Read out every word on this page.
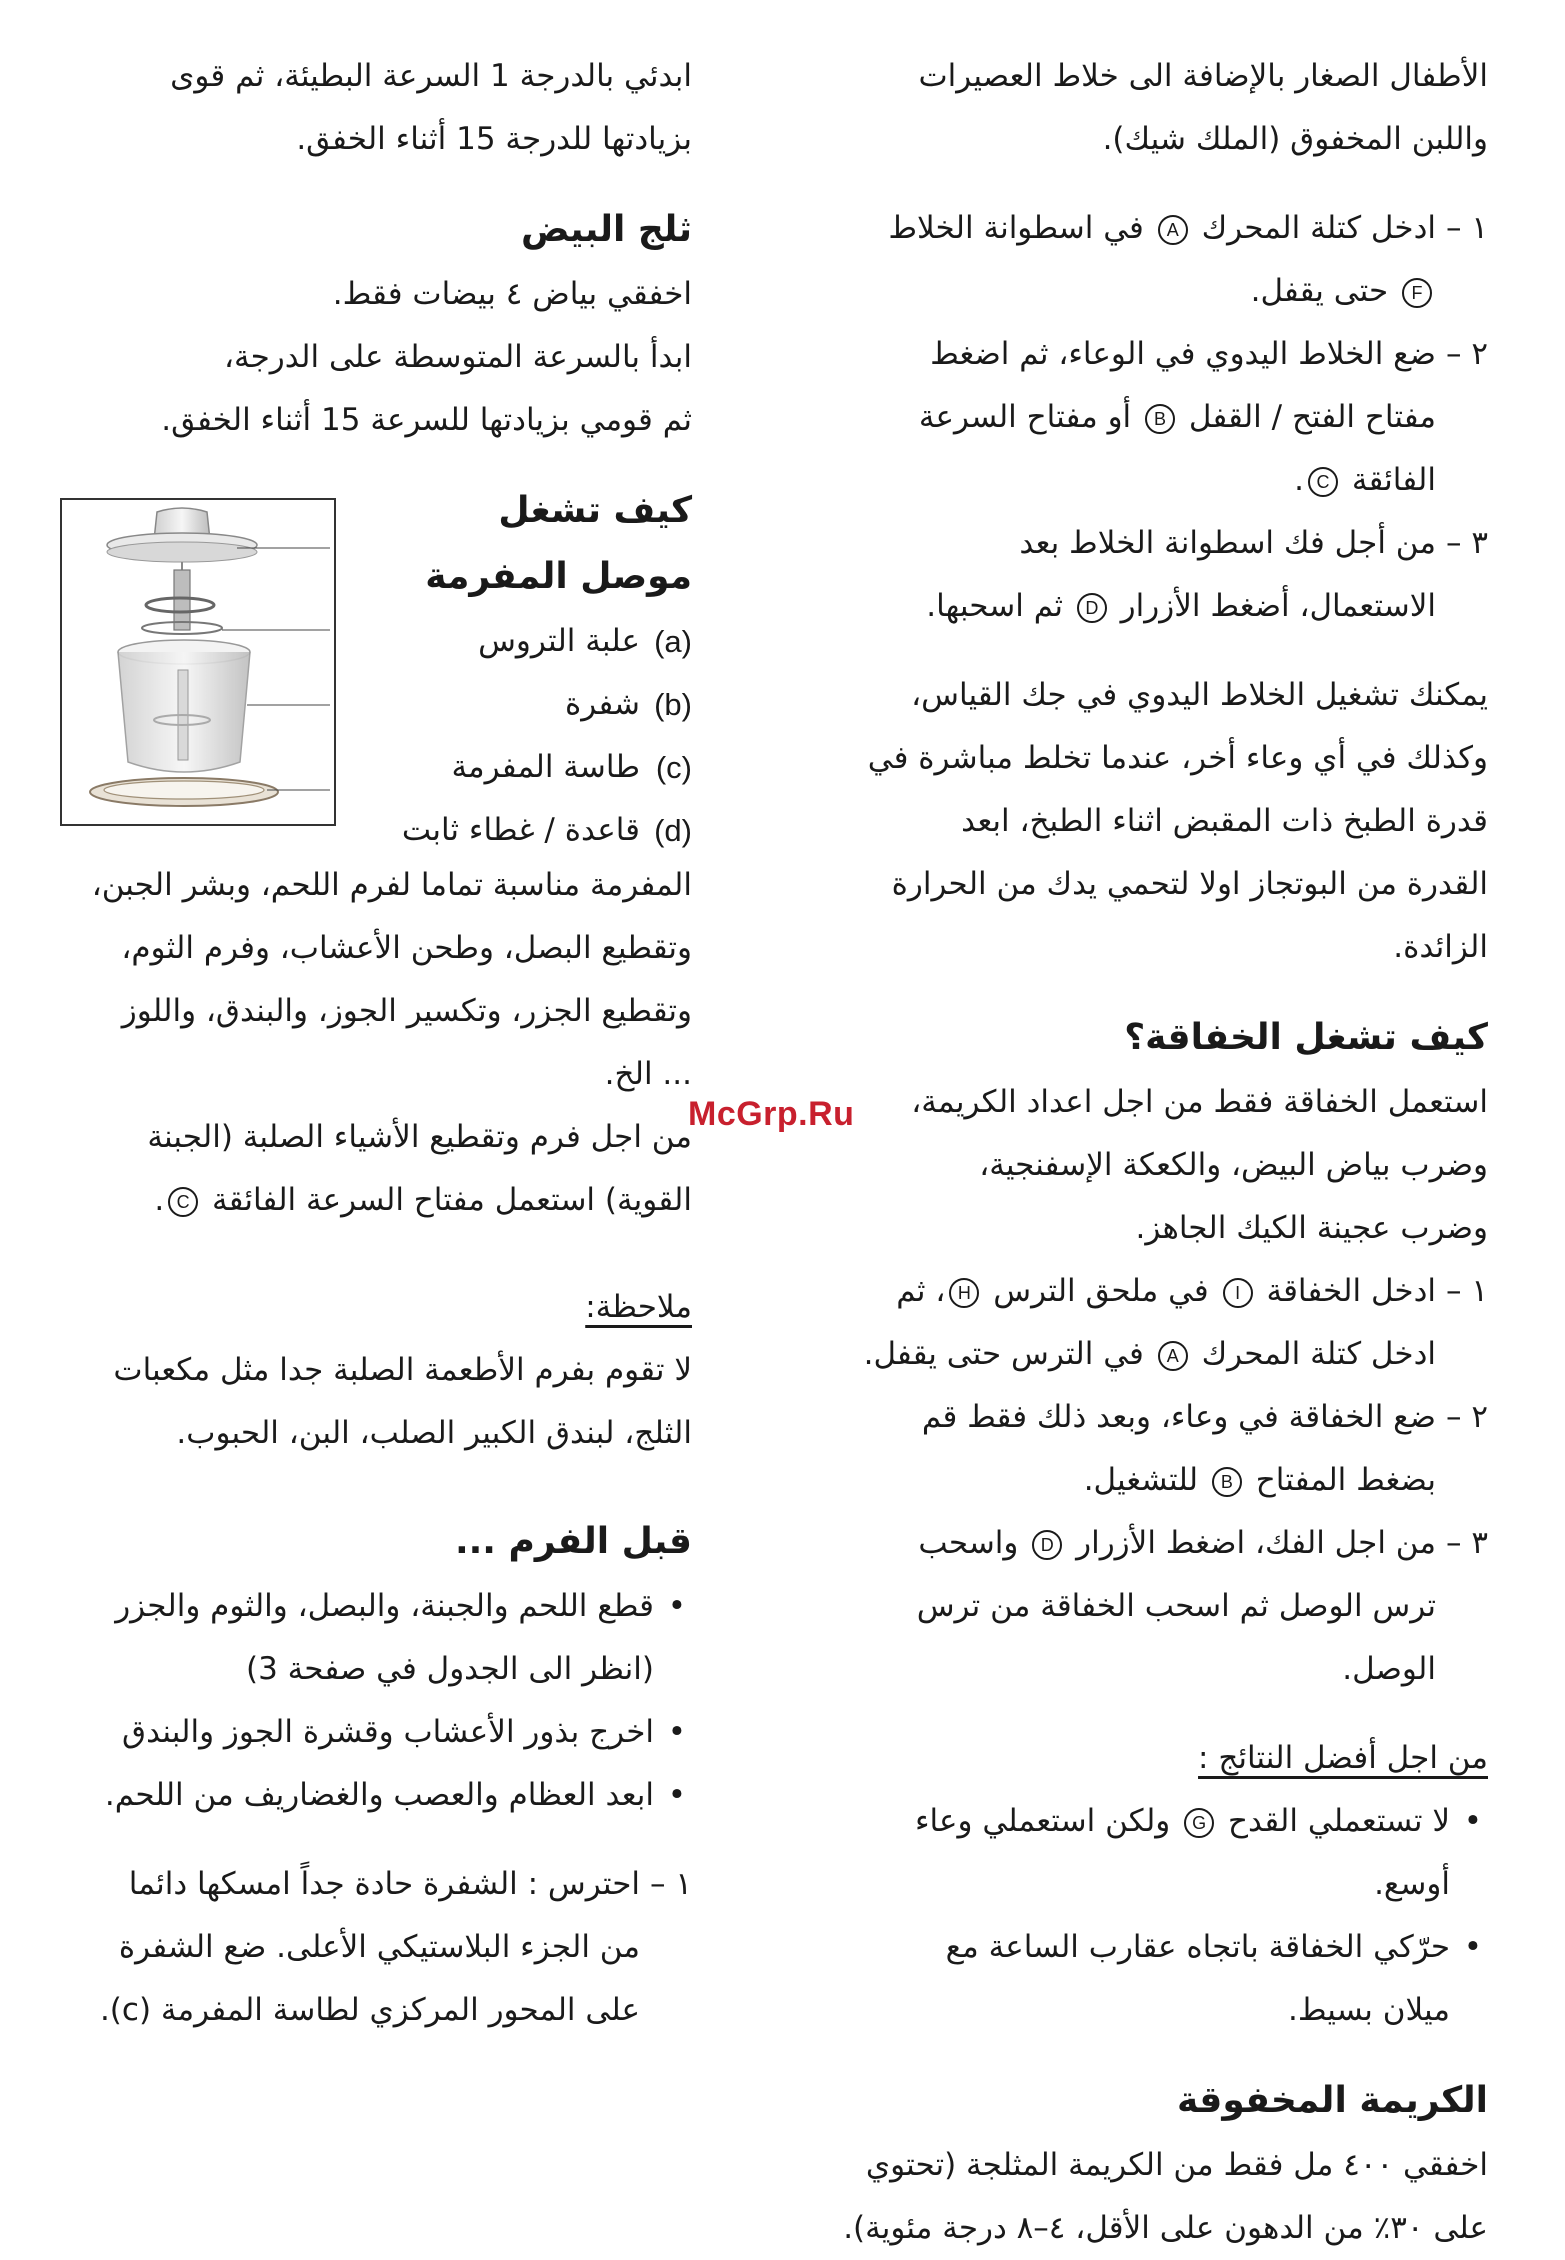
الأطفال الصغار بالإضافة الى خلاط العصيرات

واللبن المخفوق (الملك شيك).

١ –
ادخل كتلة المحرك A في اسطوانة الخلاط
F حتى يقفل.
٢ –
ضع الخلاط اليدوي في الوعاء، ثم اضغط
مفتاح الفتح / القفل B أو مفتاح السرعة
الفائقة C.
٣ –
من أجل فك اسطوانة الخلاط بعد
الاستعمال، أضغط الأزرار D ثم اسحبها.

يمكنك تشغيل الخلاط اليدوي في جك القياس،

وكذلك في أي وعاء أخر، عندما تخلط مباشرة في

قدرة الطبخ ذات المقبض اثناء الطبخ، ابعد

القدرة من البوتجاز اولا لتحمي يدك من الحرارة

الزائدة.

كيف تشغل الخفاقة؟

استعمل الخفاقة فقط من اجل اعداد الكريمة،

وضرب بياض البيض، والكعكة الإسفنجية،

وضرب عجينة الكيك الجاهز.

١ –
ادخل الخفاقة I في ملحق الترس H، ثم
ادخل كتلة المحرك A في الترس حتى يقفل.
٢ –
ضع الخفاقة في وعاء، وبعد ذلك فقط قم
بضغط المفتاح B للتشغيل.
٣ –
من اجل الفك، اضغط الأزرار D واسحب
ترس الوصل ثم اسحب الخفاقة من ترس الوصل.
من اجل أفضل النتائج :
• لا تستعملي القدح G ولكن استعملي وعاء أوسع.
• حرّكي الخفاقة باتجاه عقارب الساعة مع
ميلان بسيط.
الكريمة المخفوقة

اخفقي ٤٠٠ مل فقط من الكريمة المثلجة (تحتوي

على ٣٠٪ من الدهون على الأقل، ٤–٨ درجة مئوية).

ابدئي بالدرجة 1 السرعة البطيئة، ثم قوى

بزيادتها للدرجة 15 أثناء الخفق.

ثلج البيض

اخفقي بياض ٤ بيضات فقط.

ابدأ بالسرعة المتوسطة على الدرجة،

ثم قومي بزيادتها للسرعة 15 أثناء الخفق.

كيف تشغل
موصل المفرمة
(a)
علبة التروس
(b)
شفرة
(c)
طاسة المفرمة
(d)
قاعدة / غطاء ثابت

المفرمة مناسبة تماما لفرم اللحم، وبشر الجبن،

وتقطيع البصل، وطحن الأعشاب، وفرم الثوم،

وتقطيع الجزر، وتكسير الجوز، والبندق، واللوز

... الخ.

من اجل فرم وتقطيع الأشياء الصلبة (الجبنة

القوية) استعمل مفتاح السرعة الفائقة C.

ملاحظة:

لا تقوم بفرم الأطعمة الصلبة جدا مثل مكعبات

الثلج، لبندق الكبير الصلب، البن، الحبوب.

قبل الفرم ...
• قطع اللحم والجبنة، والبصل، والثوم والجزر
(انظر الى الجدول في صفحة 3)
• اخرج بذور الأعشاب وقشرة الجوز والبندق
• ابعد العظام والعصب والغضاريف من اللحم.
١ –
احترس : الشفرة حادة جداً امسكها دائما
من الجزء البلاستيكي الأعلى. ضع الشفرة
على المحور المركزي لطاسة المفرمة (c).
McGrp.Ru
